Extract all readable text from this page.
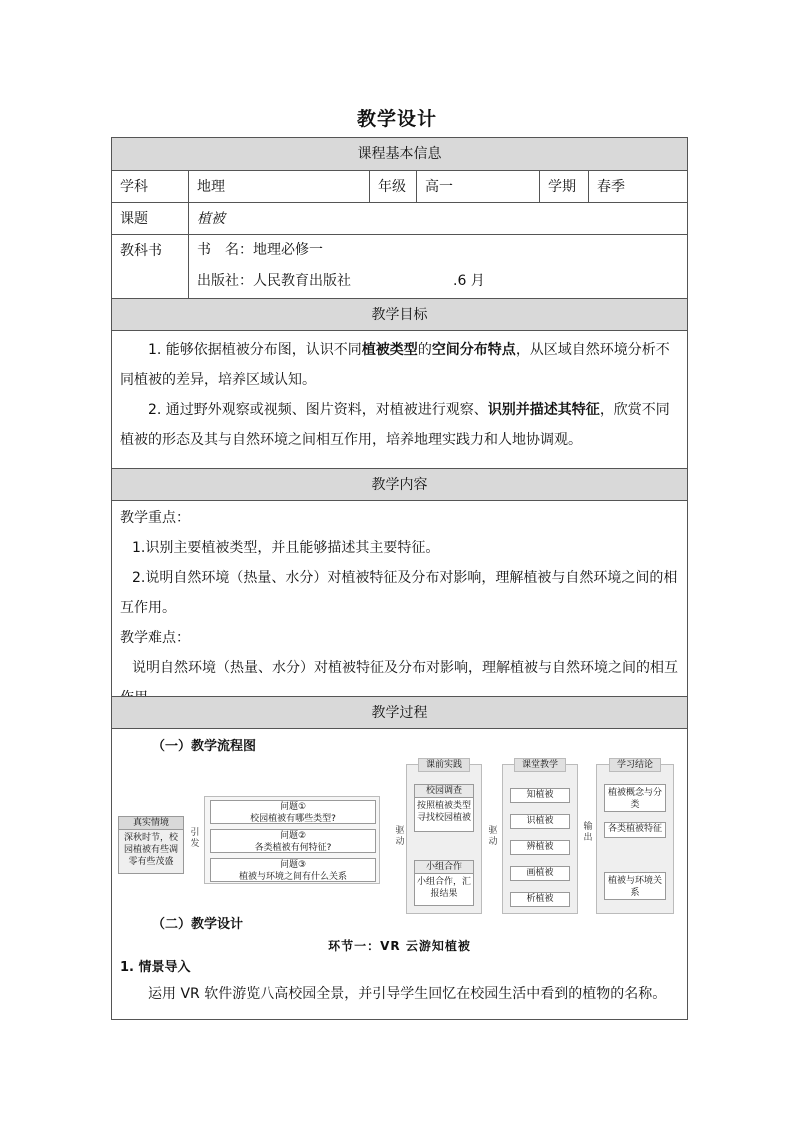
教学设计
课程基本信息
学科	地理	年级	高一	学期	春季
课题	植被
教科书	书　名：地理必修一
出版社：人民教育出版社	.6 月
教学目标

1. 能够依据植被分布图，认识不同植被类型的空间分布特点，从区域自然环境分析不同植被的差异，培养区域认知。

2. 通过野外观察或视频、图片资料，对植被进行观察、识别并描述其特征，欣赏不同植被的形态及其与自然环境之间相互作用，培养地理实践力和人地协调观。

教学内容

教学重点：

1.识别主要植被类型，并且能够描述其主要特征。

2.说明自然环境（热量、水分）对植被特征及分布对影响，理解植被与自然环境之间的相互作用。

教学难点：

说明自然环境（热量、水分）对植被特征及分布对影响，理解植被与自然环境之间的相互

教学过程
（一）教学流程图
真实情境
深秋时节，校园植被有些凋零有些茂盛
引发
问题①
校园植被有哪些类型?
问题②
各类植被有何特征?
问题③
植被与环境之间有什么关系
驱动
课前实践
校园调查
按照植被类型寻找校园植被
小组合作
小组合作，汇报结果
驱动
课堂教学
知植被
识植被
辨植被
画植被
析植被
输出
学习结论
植被概念与分类
各类植被特征
植被与环境关系
（二）教学设计
环节一：VR 云游知植被
1. 情景导入
运用 VR 软件游览八高校园全景，并引导学生回忆在校园生活中看到的植物的名称。
